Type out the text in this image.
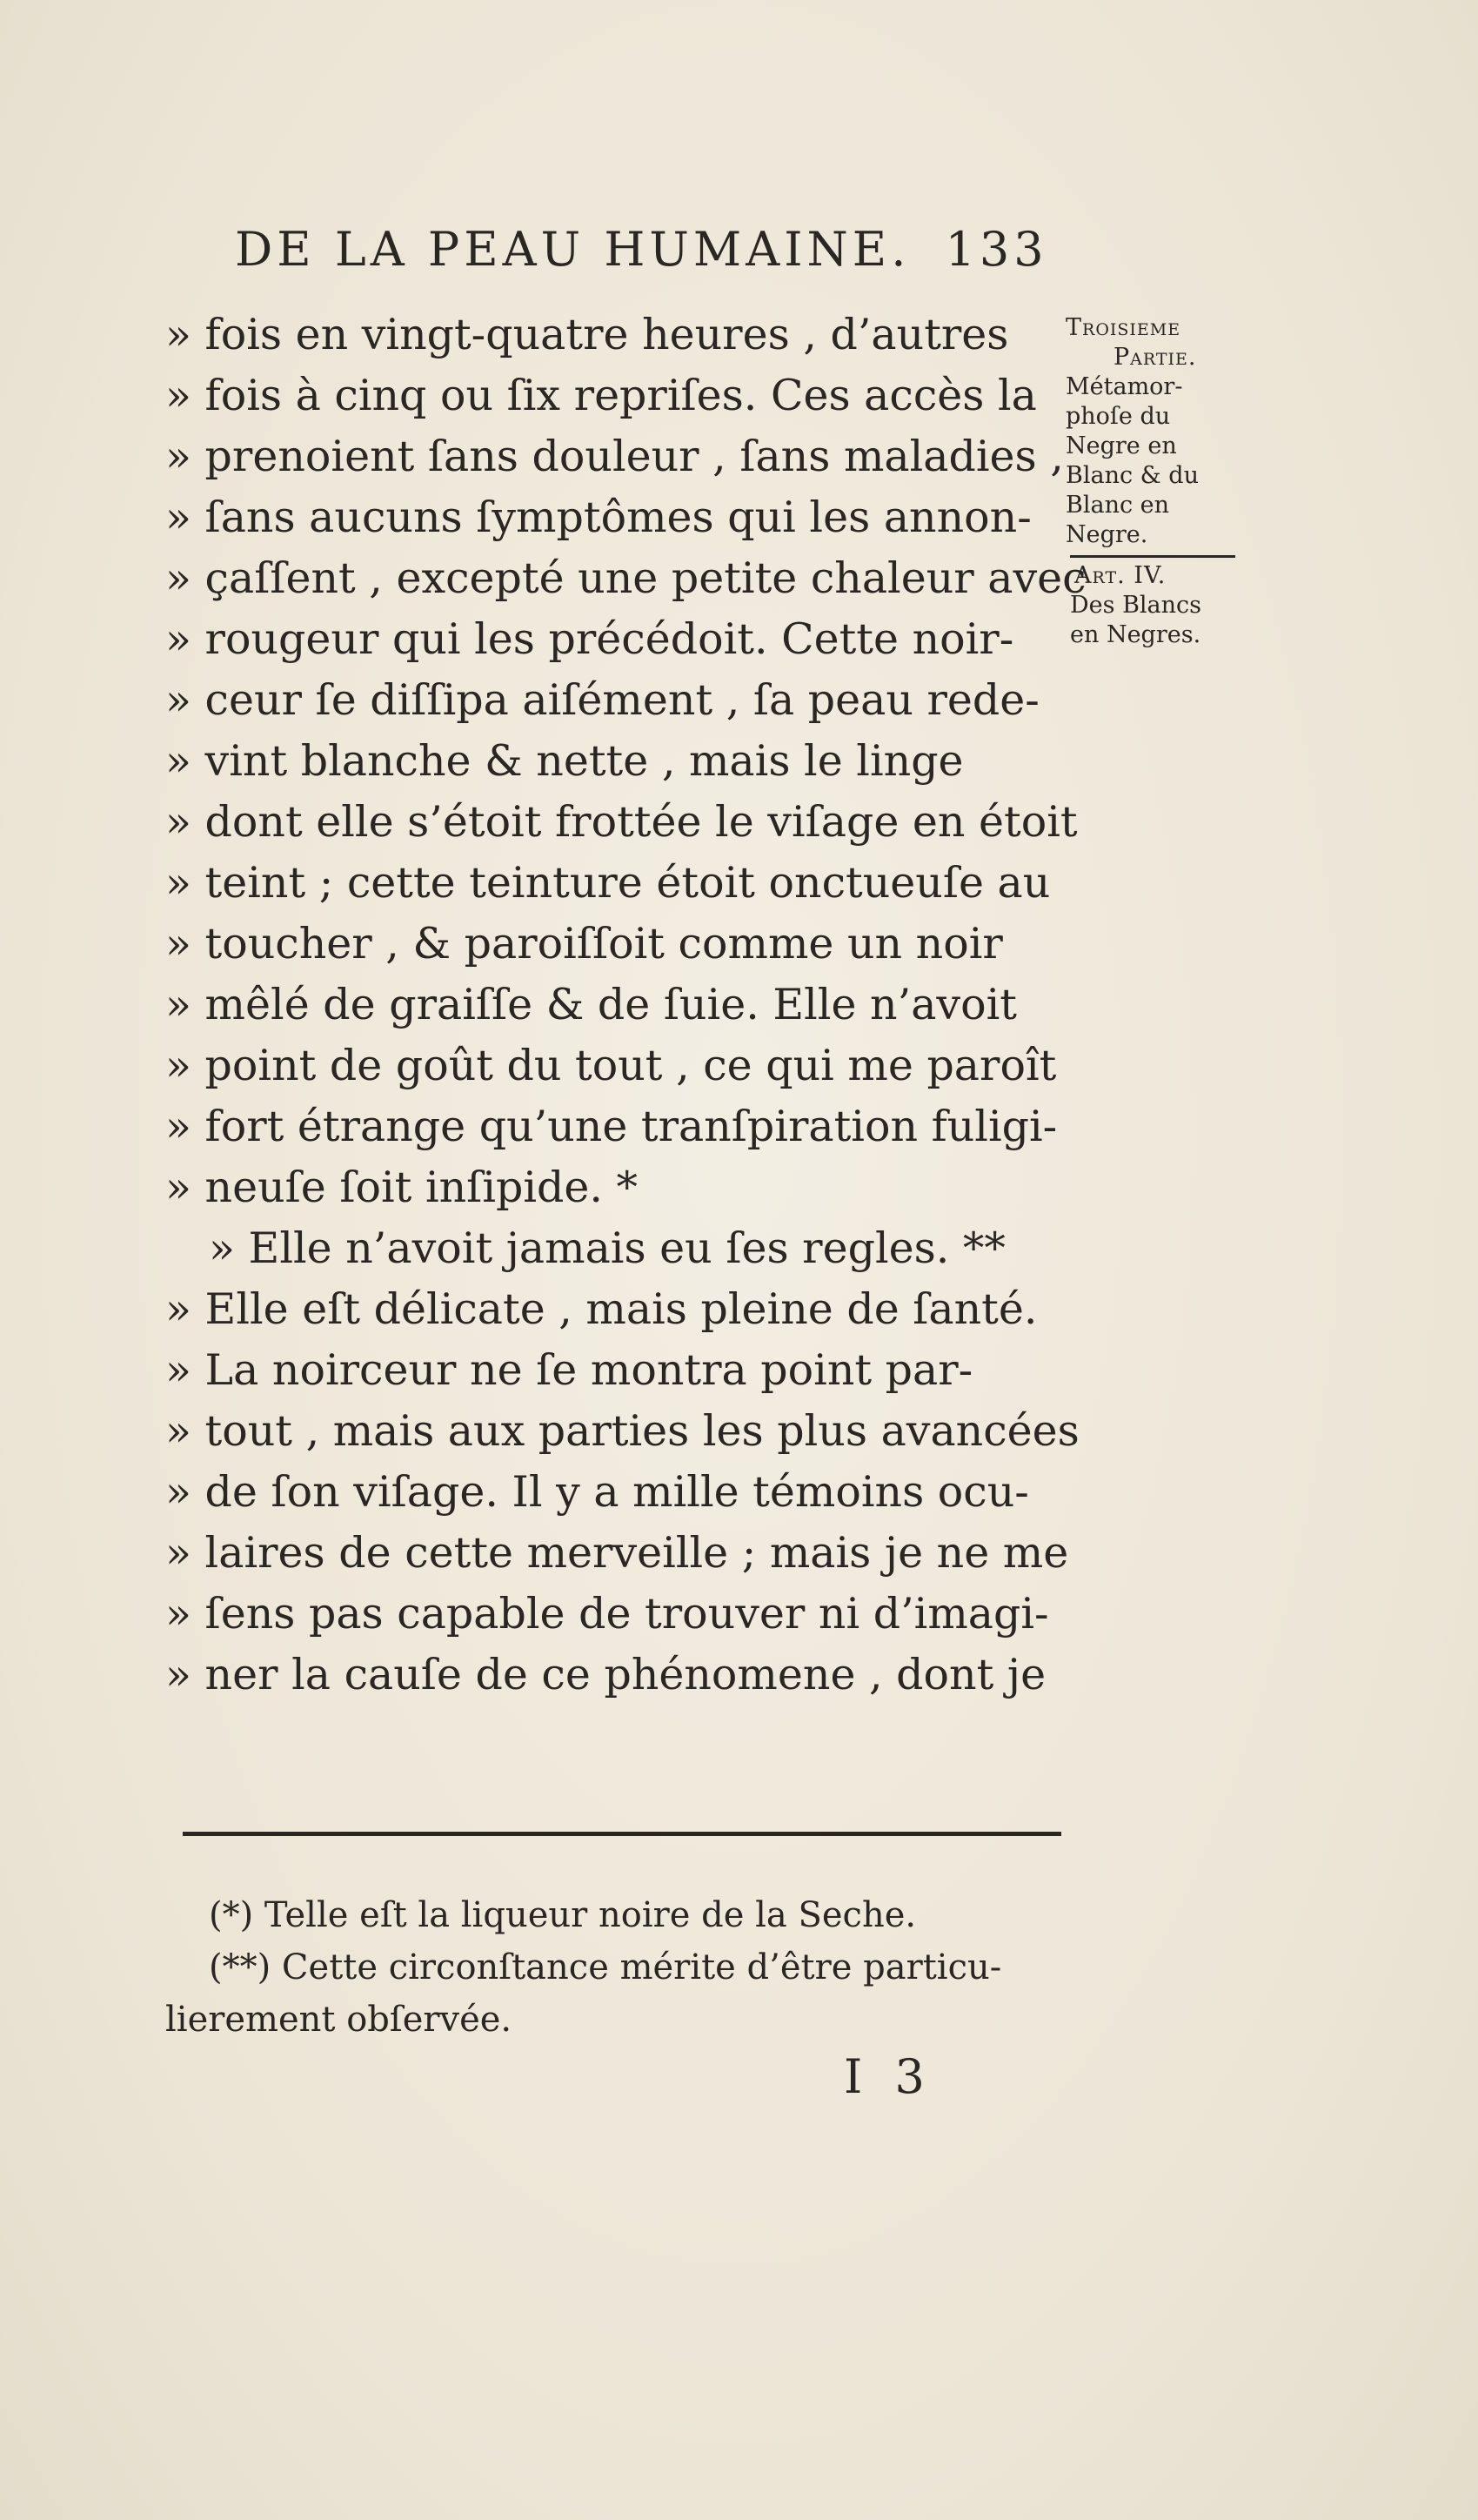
DE LA PEAU HUMAINE. 133
» fois en vingt-quatre heures , d’autres
» fois à cinq ou ſix repriſes. Ces accès la
» prenoient ſans douleur , ſans maladies ,
» ſans aucuns ſymptômes qui les annon-
» çaſſent , excepté une petite chaleur avec
» rougeur qui les précédoit. Cette noir-
» ceur ſe diſſipa aiſément , ſa peau rede-
» vint blanche & nette , mais le linge
» dont elle s’étoit frottée le viſage en étoit
» teint ; cette teinture étoit onctueuſe au
» toucher , & paroiſſoit comme un noir
» mêlé de graiſſe & de ſuie. Elle n’avoit
» point de goût du tout , ce qui me paroît
» fort étrange qu’une tranſpiration fuligi-
» neuſe ſoit inſipide. *
» Elle n’avoit jamais eu ſes regles. **
» Elle eſt délicate , mais pleine de ſanté.
» La noirceur ne ſe montra point par-
» tout , mais aux parties les plus avancées
» de ſon viſage. Il y a mille témoins ocu-
» laires de cette merveille ; mais je ne me
» ſens pas capable de trouver ni d’imagi-
» ner la cauſe de ce phénomene , dont je
Troisieme
Partie.
Métamor-
phoſe du
Negre en
Blanc & du
Blanc en
Negre.
Art. IV.
Des Blancs
en Negres.
(*) Telle eſt la liqueur noire de la Seche.
(**) Cette circonſtance mérite d’être particu-
lierement obſervée.
I 3
